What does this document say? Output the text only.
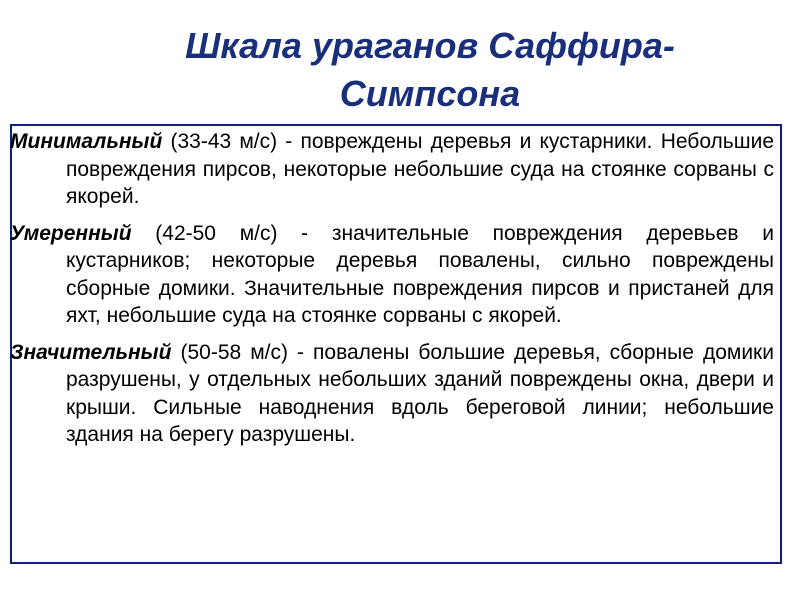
Шкала ураганов Саффира-Симпсона
Минимальный (33-43 м/с) - повреждены деревья и кустарники. Небольшие повреждения пирсов, некоторые небольшие суда на стоянке сорваны с якорей.
Умеренный (42-50 м/с) - значительные повреждения деревьев и кустарников; некоторые деревья повалены, сильно повреждены сборные домики. Значительные повреждения пирсов и пристаней для яхт, небольшие суда на стоянке сорваны с якорей.
Значительный (50-58 м/с) - повалены большие деревья, сборные домики разрушены, у отдельных небольших зданий повреждены окна, двери и крыши. Сильные наводнения вдоль береговой линии; небольшие здания на берегу разрушены.
